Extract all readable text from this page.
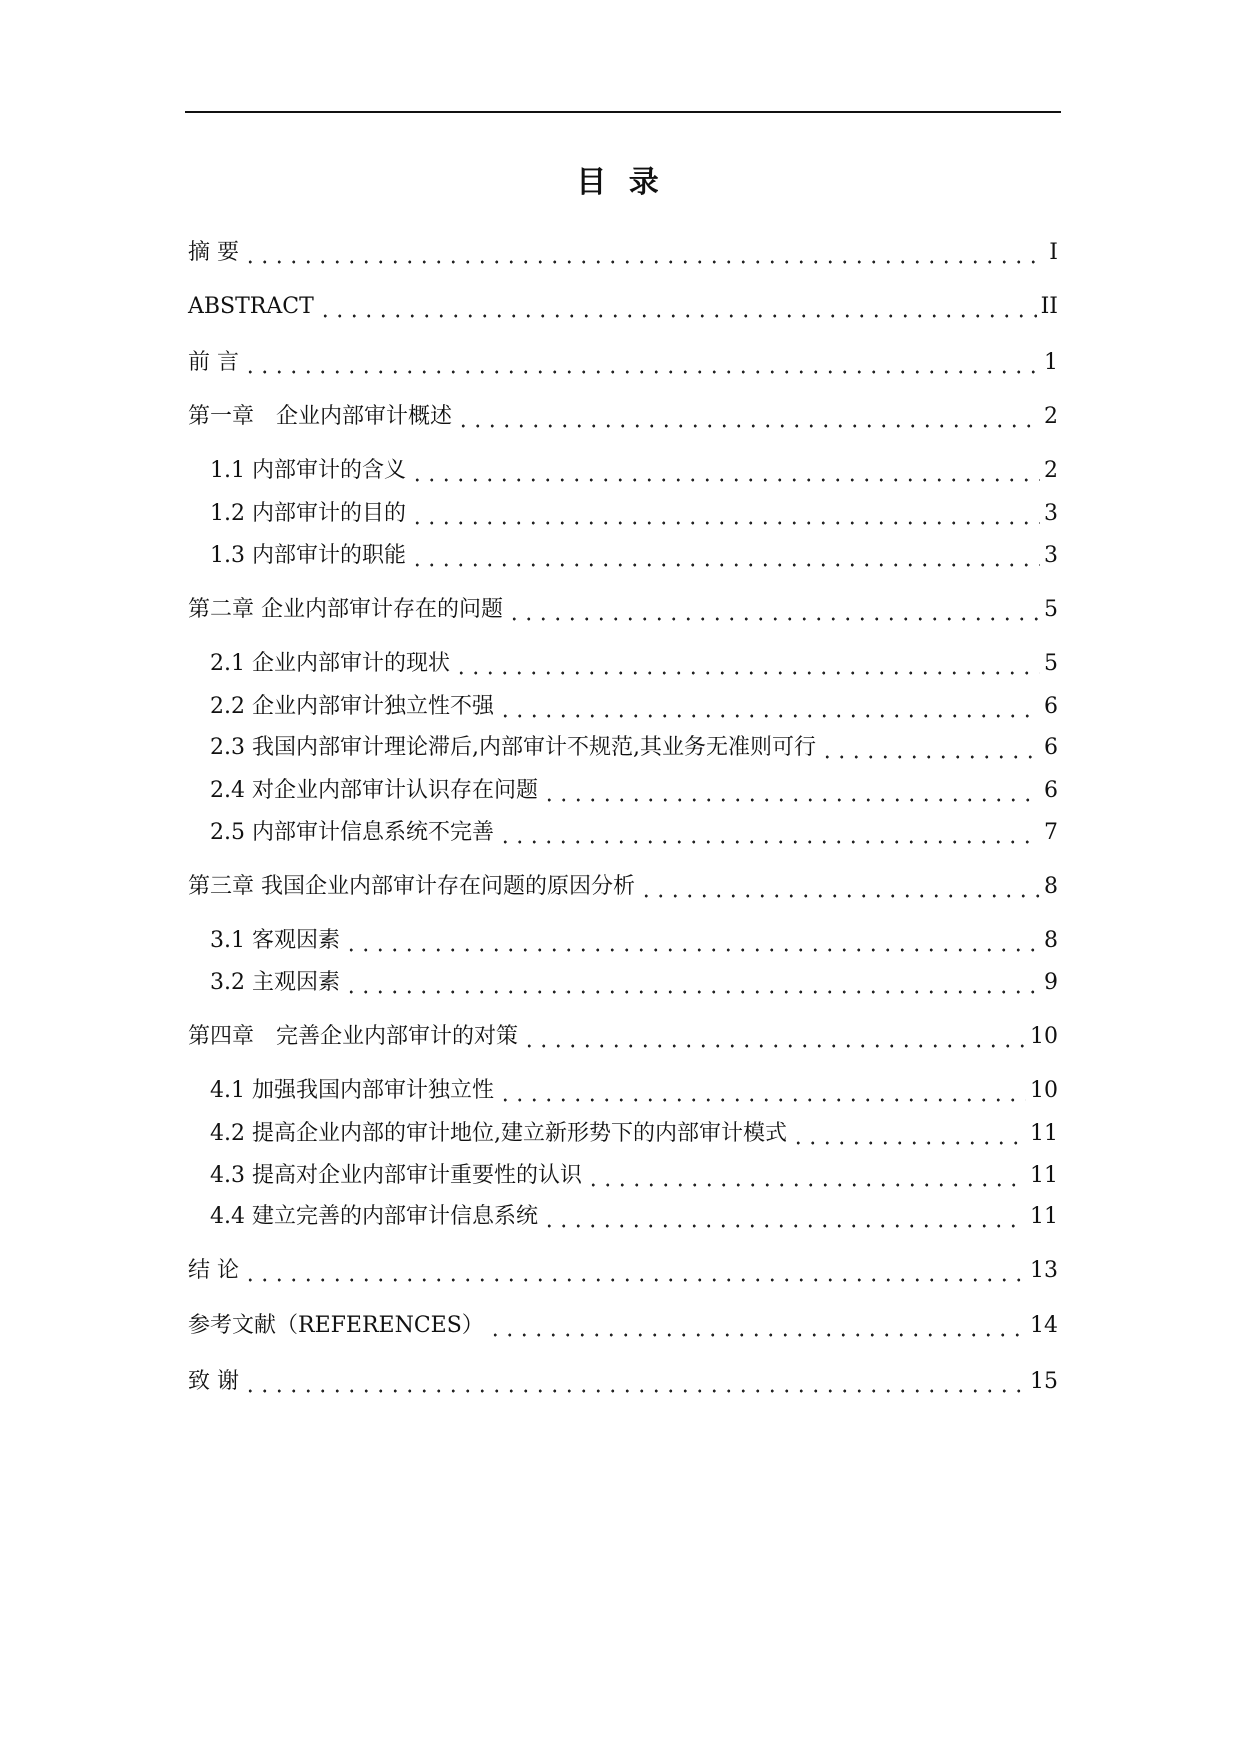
目 录
摘 要	I
ABSTRACT	II
前 言	1
第一章　企业内部审计概述	2
1.1 内部审计的含义	2
1.2 内部审计的目的	3
1.3 内部审计的职能	3
第二章 企业内部审计存在的问题	5
2.1 企业内部审计的现状	5
2.2 企业内部审计独立性不强	6
2.3 我国内部审计理论滞后,内部审计不规范,其业务无准则可行	6
2.4 对企业内部审计认识存在问题	6
2.5 内部审计信息系统不完善	7
第三章 我国企业内部审计存在问题的原因分析	8
3.1 客观因素	8
3.2 主观因素	9
第四章　完善企业内部审计的对策	10
4.1 加强我国内部审计独立性	10
4.2 提高企业内部的审计地位,建立新形势下的内部审计模式	11
4.3 提高对企业内部审计重要性的认识	11
4.4 建立完善的内部审计信息系统	11
结 论	13
参考文献（REFERENCES）	14
致 谢	15
